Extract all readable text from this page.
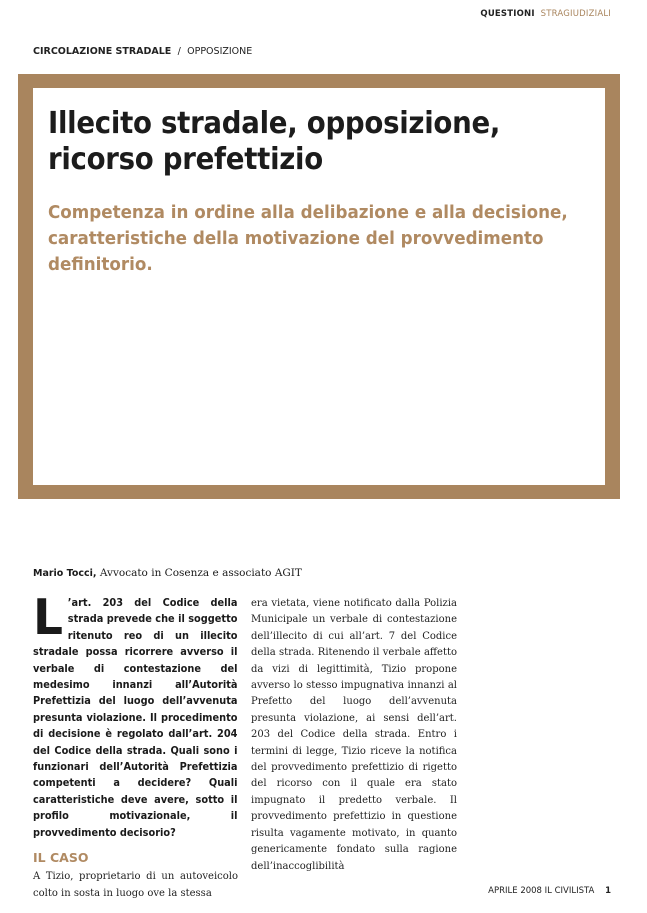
QUESTIONI STRAGIUDIZIALI
CIRCOLAZIONE STRADALE / OPPOSIZIONE
Illecito stradale, opposizione,
ricorso prefettizio

Competenza in ordine alla delibazione e alla decisione, caratteristiche della motivazione del provvedimento definitorio.

Mario Tocci, Avvocato in Cosenza e associato AGIT
L ’art. 203 del Codice della strada prevede che il soggetto ritenuto reo di un illecito stradale possa ricorrere avverso il verbale di contestazione del medesimo innanzi all’Autorità Prefettizia del luogo dell’avvenuta presunta violazione. Il procedimento di decisione è regolato dall’art. 204 del Codice della strada. Quali sono i funzionari dell’Autorità Prefettizia competenti a decidere? Quali caratteristiche deve avere, sotto il profilo motivazionale, il provvedimento decisorio?
IL CASO
A Tizio, proprietario di un autoveicolo colto in sosta in luogo ove la stessa
era vietata, viene notificato dalla Polizia Municipale un verbale di contestazione dell’illecito di cui all’art. 7 del Codice della strada. Ritenendo il verbale affetto da vizi di legittimità, Tizio propone avverso lo stesso impugnativa innanzi al Prefetto del luogo dell’avvenuta presunta violazione, ai sensi dell’art. 203 del Codice della strada. Entro i termini di legge, Tizio riceve la notifica del provvedimento prefettizio di rigetto del ricorso con il quale era stato impugnato il predetto verbale. Il provvedimento prefettizio in questione risulta vagamente motivato, in quanto genericamente fondato sulla ragione dell’inaccoglibilità
APRILE 2008 IL CIVILISTA 1
